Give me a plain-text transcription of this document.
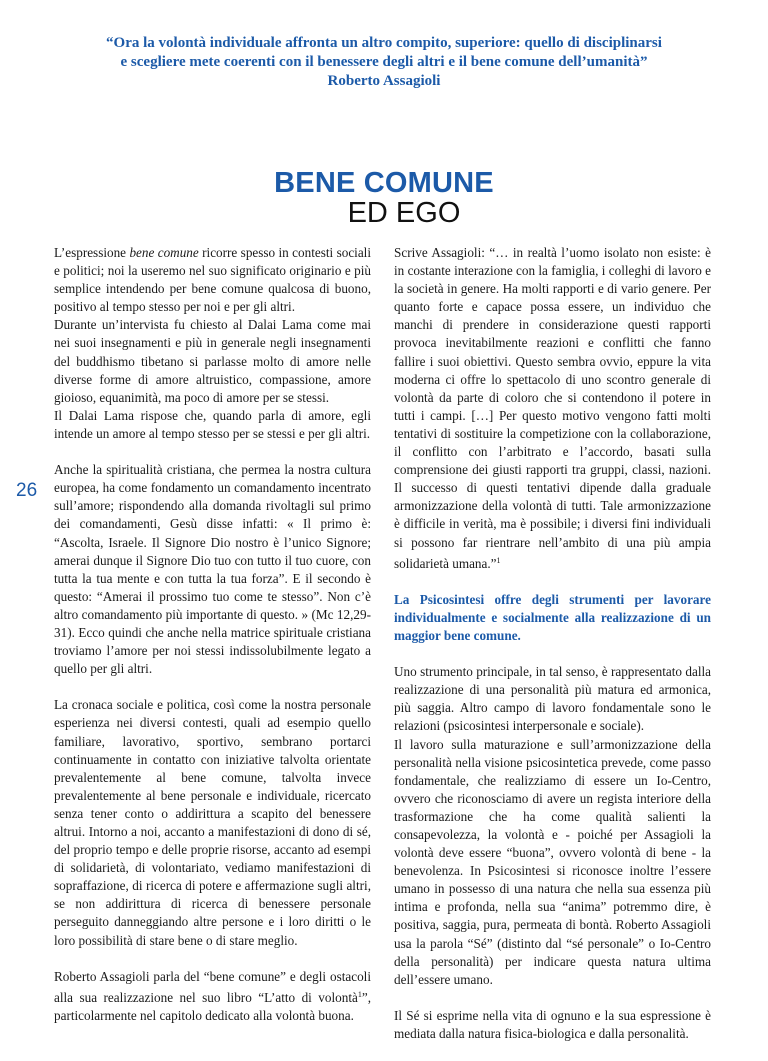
“Ora la volontà individuale affronta un altro compito, superiore: quello di disciplinarsi
e scegliere mete coerenti con il benessere degli altri e il bene comune dell’umanità”
Roberto Assagioli
BENE COMUNE
ED EGO
26

L’espressione bene comune ricorre spesso in contesti sociali e politici; noi la useremo nel suo significato originario e più semplice intendendo per bene comune qualcosa di buono, positivo al tempo stesso per noi e per gli altri.

Durante un’intervista fu chiesto al Dalai Lama come mai nei suoi insegnamenti e più in generale negli insegnamenti del buddhismo tibetano si parlasse molto di amore nelle diverse forme di amore altruistico, compassione, amore gioioso, equanimità, ma poco di amore per se stessi.

Il Dalai Lama rispose che, quando parla di amore, egli intende un amore al tempo stesso per se stessi e per gli altri.

Anche la spiritualità cristiana, che permea la nostra cultura europea, ha come fondamento un comandamento incentrato sull’amore; rispondendo alla domanda rivoltagli sul primo dei comandamenti, Gesù disse infatti: « Il primo è: “Ascolta, Israele. Il Signore Dio nostro è l’unico Signore; amerai dunque il Signore Dio tuo con tutto il tuo cuore, con tutta la tua mente e con tutta la tua forza”. E il secondo è questo: “Amerai il prossimo tuo come te stesso”. Non c’è altro comandamento più importante di questo. » (Mc 12,29-31). Ecco quindi che anche nella matrice spirituale cristiana troviamo l’amore per noi stessi indissolubilmente legato a quello per gli altri.

La cronaca sociale e politica, così come la nostra personale esperienza nei diversi contesti, quali ad esempio quello familiare, lavorativo, sportivo, sembrano portarci continuamente in contatto con iniziative talvolta orientate prevalentemente al bene comune, talvolta invece prevalentemente al bene personale e individuale, ricercato senza tener conto o addirittura a scapito del benessere altrui. Intorno a noi, accanto a manifestazioni di dono di sé, del proprio tempo e delle proprie risorse, accanto ad esempi di solidarietà, di volontariato, vediamo manifestazioni di sopraffazione, di ricerca di potere e affermazione sugli altri, se non addirittura di ricerca di benessere personale perseguito danneggiando altre persone e i loro diritti o le loro possibilità di stare bene o di stare meglio.

Roberto Assagioli parla del “bene comune” e degli ostacoli alla sua realizzazione nel suo libro “L’atto di volontà$^1$”, particolarmente nel capitolo dedicato alla volontà buona.

Scrive Assagioli: “… in realtà l’uomo isolato non esiste: è in costante interazione con la famiglia, i colleghi di lavoro e la società in genere. Ha molti rapporti e di vario genere. Per quanto forte e capace possa essere, un individuo che manchi di prendere in considerazione questi rapporti provoca inevitabilmente reazioni e conflitti che fanno fallire i suoi obiettivi. Questo sembra ovvio, eppure la vita moderna ci offre lo spettacolo di uno scontro generale di volontà da parte di coloro che si contendono il potere in tutti i campi. […] Per questo motivo vengono fatti molti tentativi di sostituire la competizione con la collaborazione, il conflitto con l’arbitrato e l’accordo, basati sulla comprensione dei giusti rapporti tra gruppi, classi, nazioni. Il successo di questi tentativi dipende dalla graduale armonizzazione della volontà di tutti. Tale armonizzazione è difficile in verità, ma è possibile; i diversi fini individuali si possono far rientrare nell’ambito di una più ampia solidarietà umana.”$^1$

La Psicosintesi offre degli strumenti per lavorare individualmente e socialmente alla realizzazione di un maggior bene comune.

Uno strumento principale, in tal senso, è rappresentato dalla realizzazione di una personalità più matura ed armonica, più saggia. Altro campo di lavoro fondamentale sono le relazioni (psicosintesi interpersonale e sociale).

Il lavoro sulla maturazione e sull’armonizzazione della personalità nella visione psicosintetica prevede, come passo fondamentale, che realizziamo di essere un Io-Centro, ovvero che riconosciamo di avere un regista interiore della trasformazione che ha come qualità salienti la consapevolezza, la volontà e - poiché per Assagioli la volontà deve essere “buona”, ovvero volontà di bene - la benevolenza. In Psicosintesi si riconosce inoltre l’essere umano in possesso di una natura che nella sua essenza più intima e profonda, nella sua “anima” potremmo dire, è positiva, saggia, pura, permeata di bontà. Roberto Assagioli usa la parola “Sé” (distinto dal “sé personale” o Io-Centro della personalità) per indicare questa natura ultima dell’essere umano.

Il Sé si esprime nella vita di ognuno e la sua espressione è mediata dalla natura fisica-biologica e dalla personalità.
